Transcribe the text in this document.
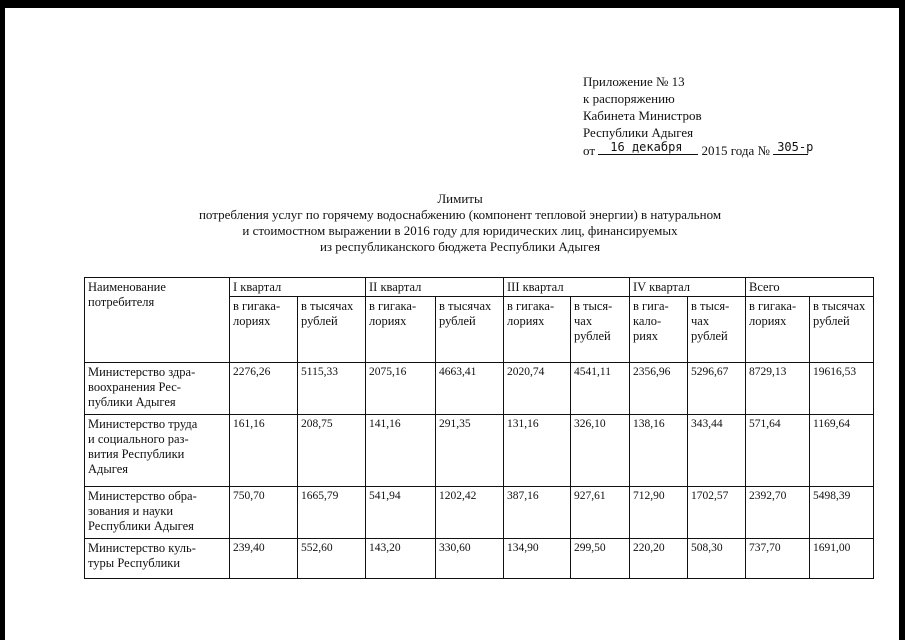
Приложение № 13
к распоряжению
Кабинета Министров
Республики Адыгея
от 16 декабря 2015 года № 305-р
Лимиты
потребления услуг по горячему водоснабжению (компонент тепловой энергии) в натуральном
и стоимостном выражении в 2016 году для юридических лиц, финансируемых
из республиканского бюджета Республики Адыгея
Наименование потребителя	I квартал		II квартал		III квартал		IV квартал		Всего	
	в гигака- лориях	в тысячах рублей	в гигака- лориях	в тысячах рублей	в гигака- лориях	в тыся- чах рублей	в гига- кало- риях	в тыся- чах рублей	в гигака- лориях	в тысячах рублей

Министерство здра-
воохранения Рес-
публики Адыгея	2276,26	5115,33	2075,16	4663,41	2020,74	4541,11	2356,96	5296,67	8729,13	19616,53

Министерство труда
и социального раз-
вития Республики
Адыгея	161,16	208,75	141,16	291,35	131,16	326,10	138,16	343,44	571,64	1169,64

Министерство обра-
зования и науки
Республики Адыгея	750,70	1665,79	541,94	1202,42	387,16	927,61	712,90	1702,57	2392,70	5498,39

Министерство куль-
туры Республики	239,40	552,60	143,20	330,60	134,90	299,50	220,20	508,30	737,70	1691,00
